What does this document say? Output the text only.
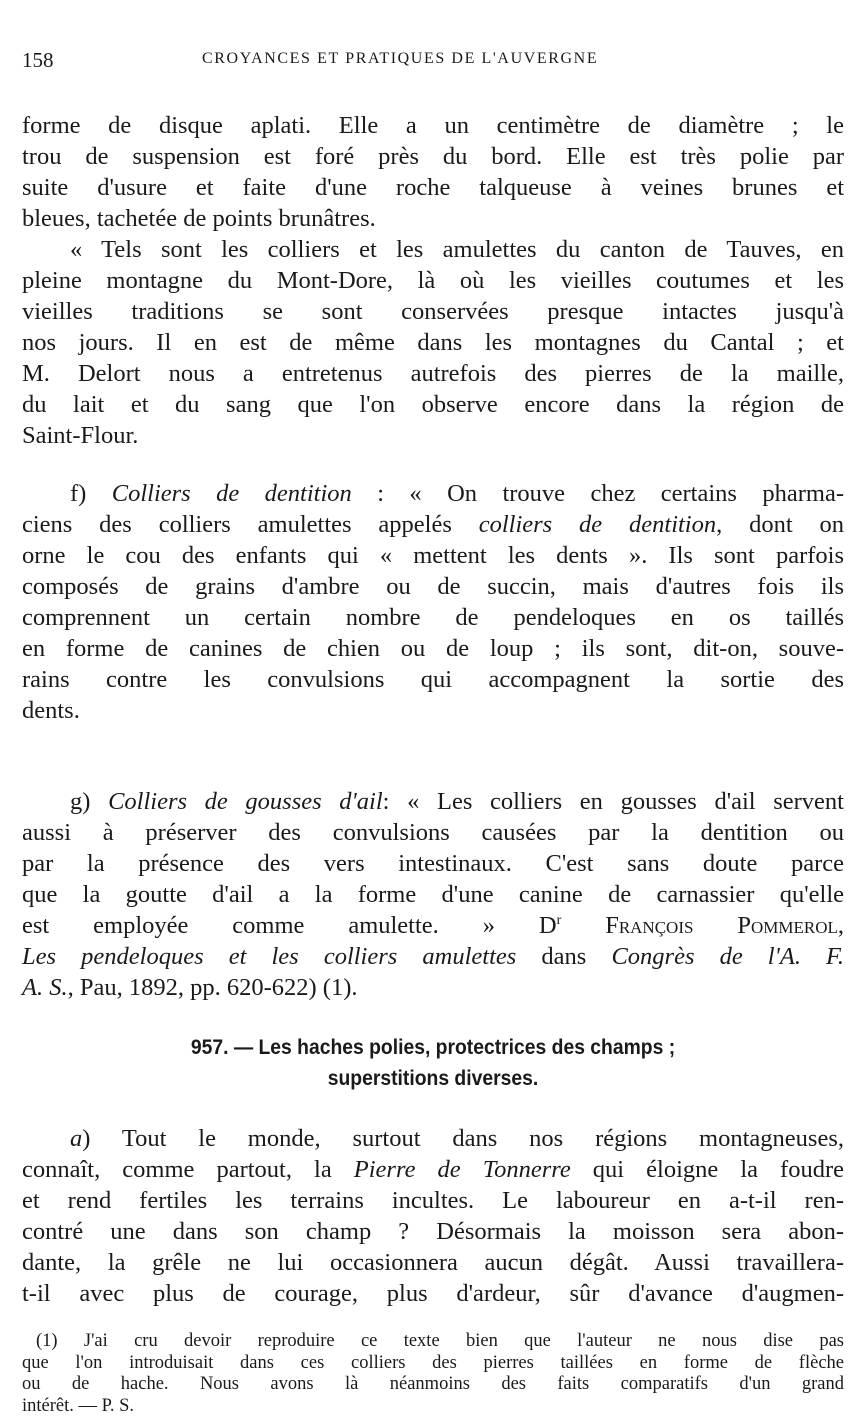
158	CROYANCES ET PRATIQUES DE L'AUVERGNE
forme de disque aplati. Elle a un centimètre de diamètre ; le
trou de suspension est foré près du bord. Elle est très polie par
suite d'usure et faite d'une roche talqueuse à veines brunes et
bleues, tachetée de points brunâtres.
« Tels sont les colliers et les amulettes du canton de Tauves, en
pleine montagne du Mont-Dore, là où les vieilles coutumes et les
vieilles traditions se sont conservées presque intactes jusqu'à
nos jours. Il en est de même dans les montagnes du Cantal ; et
M. Delort nous a entretenus autrefois des pierres de la maille,
du lait et du sang que l'on observe encore dans la région de
Saint-Flour.
f) Colliers de dentition : « On trouve chez certains pharma-
ciens des colliers amulettes appelés colliers de dentition, dont on
orne le cou des enfants qui « mettent les dents ». Ils sont parfois
composés de grains d'ambre ou de succin, mais d'autres fois ils
comprennent un certain nombre de pendeloques en os taillés
en forme de canines de chien ou de loup ; ils sont, dit-on, souve-
rains contre les convulsions qui accompagnent la sortie des
dents.
g) Colliers de gousses d'ail: « Les colliers en gousses d'ail servent
aussi à préserver des convulsions causées par la dentition ou
par la présence des vers intestinaux. C'est sans doute parce
que la goutte d'ail a la forme d'une canine de carnassier qu'elle
est employée comme amulette. » $D^r$ François Pommerol,
Les pendeloques et les colliers amulettes dans Congrès de l'A. F.
A. S., Pau, 1892, pp. 620-622) (1).
a) Tout le monde, surtout dans nos régions montagneuses,
connaît, comme partout, la Pierre de Tonnerre qui éloigne la foudre
et rend fertiles les terrains incultes. Le laboureur en a-t-il ren-
contré une dans son champ ? Désormais la moisson sera abon-
dante, la grêle ne lui occasionnera aucun dégât. Aussi travaillera-
t-il avec plus de courage, plus d'ardeur, sûr d'avance d'augmen-
957. — Les haches polies, protectrices des champs ;
superstitions diverses.
(1) J'ai cru devoir reproduire ce texte bien que l'auteur ne nous dise pas
que l'on introduisait dans ces colliers des pierres taillées en forme de flèche
ou de hache. Nous avons là néanmoins des faits comparatifs d'un grand
intérêt. — P. S.
